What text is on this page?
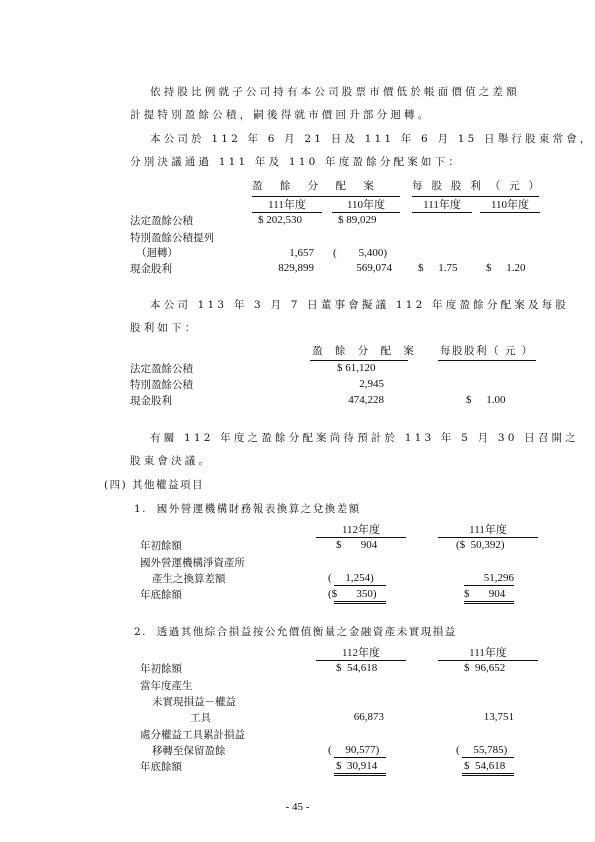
依持股比例就子公司持有本公司股票市價低於帳面價值之差額
計提特別盈餘公積，嗣後得就市價回升部分迴轉。
本公司於 112 年 6 月 21 日及 111 年 6 月 15 日舉行股東常會，
分別決議通過 111 年及 110 年度盈餘分配案如下：
盈 餘 分 配 案	每 股 股 利 （ 元 ）
111年度	110年度	111年度	110年度
法定盈餘公積	$ 202,530	$ 89,029
特別盈餘公積提列
（迴轉）	1,657 (        5,400)
現金股利	829,899	569,074 $ 1.75	$ 1.20
本公司 113 年 3 月 7 日董事會擬議 112 年度盈餘分配案及每股
股利如下：
盈 餘 分 配 案 每股股利（ 元 ）
法定盈餘公積	$ 61,120
特別盈餘公積	2,945
現金股利	474,228	$ 1.00
有關 112 年度之盈餘分配案尚待預計於 113 年 5 月 30 日召開之
股東會決議。
(四) 其他權益項目
1.  國外營運機構財務報表換算之兌換差額
112年度	111年度
年初餘額	$       904	($  50,392)
國外營運機構淨資產所
產生之換算差額	(     1,254)	51,296
年底餘額	($       350)	$       904
2.  透過其他綜合損益按公允價值衡量之金融資產未實現損益
112年度	111年度
年初餘額	$  54,618	$  96,652
當年度產生
未實現損益－權益
工具	66,873	13,751
處分權益工具累計損益
移轉至保留盈餘	(     90,577)	(     55,785)
年底餘額	$  30,914	$  54,618
- 45 -
